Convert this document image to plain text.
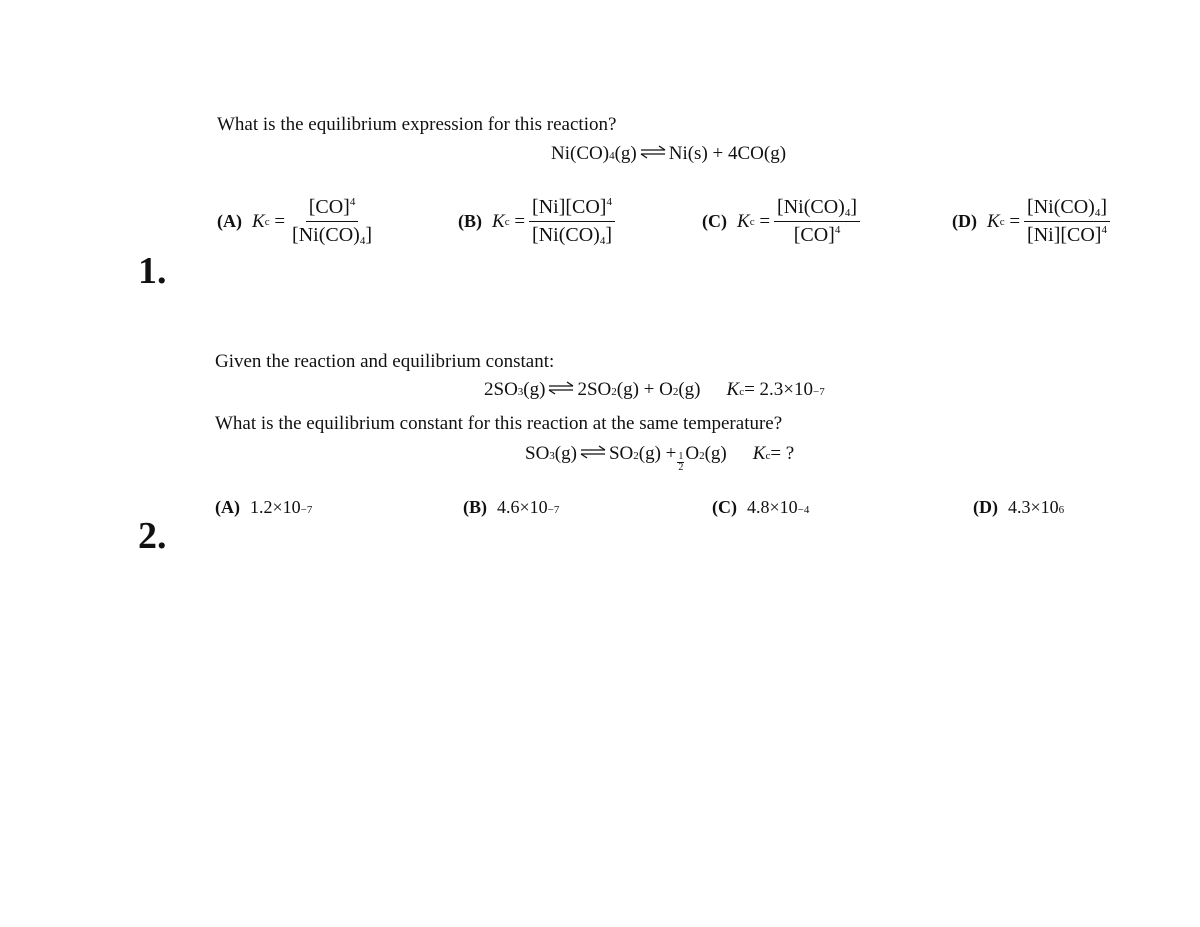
1.
What is the equilibrium expression for this reaction?
Ni(CO) 4 (g) ⇌ Ni(s) + 4CO(g)
(A) K $c = \frac{[CO]^4}{[Ni(CO)_4]}$	(B) K $c = \frac{[Ni][CO]^4}{[Ni(CO)_4]}$	(C) K $c = \frac{[Ni(CO)_4]}{[CO]^4}$	(D) K $c = \frac{[Ni(CO)_4]}{[Ni][CO]^4}$
2.
Given the reaction and equilibrium constant:
2SO 3 (g) ⇌ 2SO 2 (g) + O 2 (g) K c = 2.3×10 −7
What is the equilibrium constant for this reaction at the same temperature?
SO 3 (g) ⇌ SO 2 $(g) + \frac{1}{2}$ O 2 (g) K c = ?
(A) 1.2×10 −7	(B) 4.6×10 −7	(C) 4.8×10 −4	(D) 4.3×10 6
